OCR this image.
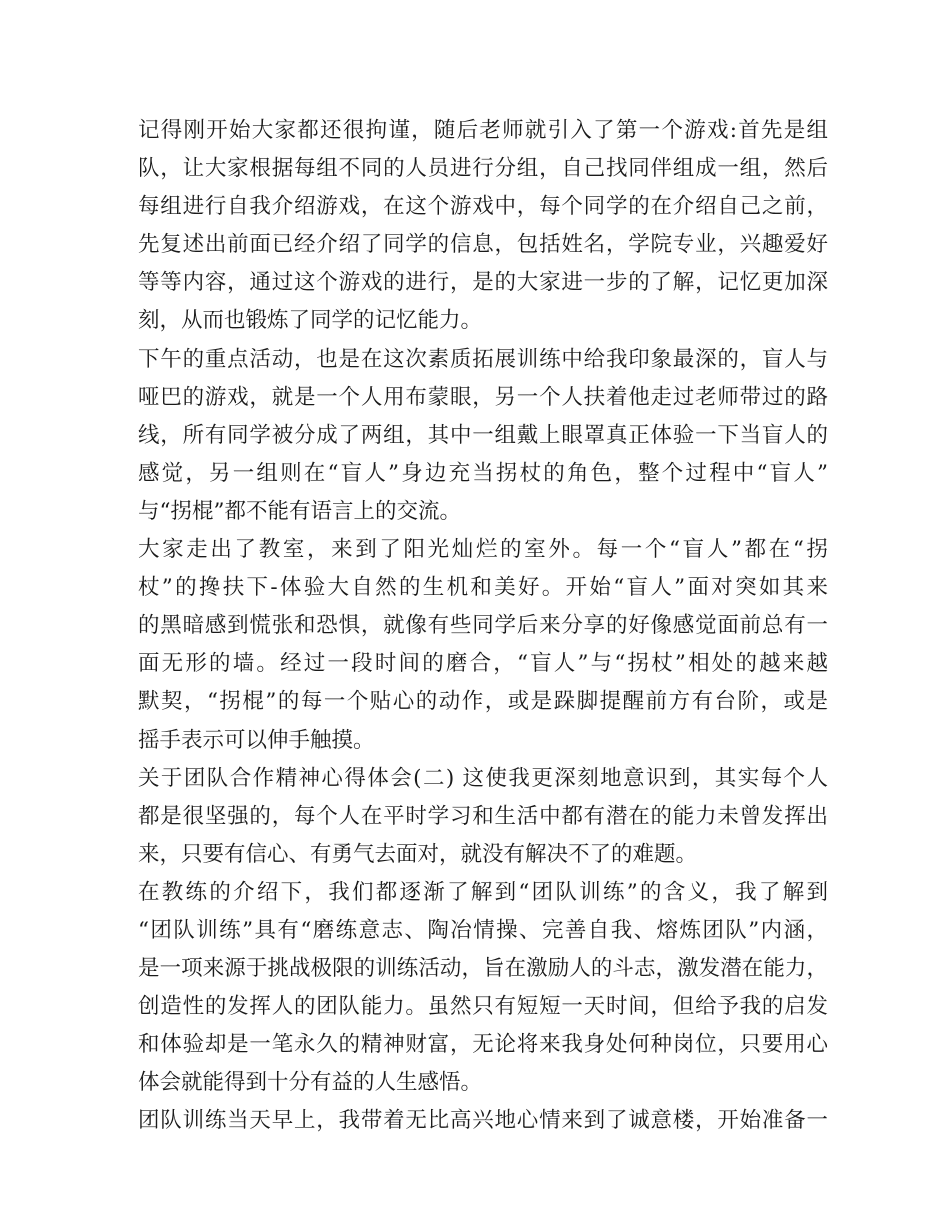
记得刚开始大家都还很拘谨，随后老师就引入了第一个游戏:首先是组
队，让大家根据每组不同的人员进行分组，自己找同伴组成一组，然后
每组进行自我介绍游戏，在这个游戏中，每个同学的在介绍自己之前，
先复述出前面已经介绍了同学的信息，包括姓名，学院专业，兴趣爱好
等等内容，通过这个游戏的进行，是的大家进一步的了解，记忆更加深
刻，从而也锻炼了同学的记忆能力。
下午的重点活动，也是在这次素质拓展训练中给我印象最深的，盲人与
哑巴的游戏，就是一个人用布蒙眼，另一个人扶着他走过老师带过的路
线，所有同学被分成了两组，其中一组戴上眼罩真正体验一下当盲人的
感觉，另一组则在“盲人”身边充当拐杖的角色，整个过程中“盲人”
与“拐棍”都不能有语言上的交流。
大家走出了教室，来到了阳光灿烂的室外。每一个“盲人”都在“拐
杖”的搀扶下-体验大自然的生机和美好。开始“盲人”面对突如其来
的黑暗感到慌张和恐惧，就像有些同学后来分享的好像感觉面前总有一
面无形的墙。经过一段时间的磨合，“盲人”与“拐杖”相处的越来越
默契，“拐棍”的每一个贴心的动作，或是跺脚提醒前方有台阶，或是
摇手表示可以伸手触摸。
关于团队合作精神心得体会(二) 这使我更深刻地意识到，其实每个人
都是很坚强的，每个人在平时学习和生活中都有潜在的能力未曾发挥出
来，只要有信心、有勇气去面对，就没有解决不了的难题。
在教练的介绍下，我们都逐渐了解到“团队训练”的含义，我了解到
“团队训练”具有“磨练意志、陶冶情操、完善自我、熔炼团队”内涵，
是一项来源于挑战极限的训练活动，旨在激励人的斗志，激发潜在能力，
创造性的发挥人的团队能力。虽然只有短短一天时间，但给予我的启发
和体验却是一笔永久的精神财富，无论将来我身处何种岗位，只要用心
体会就能得到十分有益的人生感悟。
团队训练当天早上，我带着无比高兴地心情来到了诚意楼，开始准备一
